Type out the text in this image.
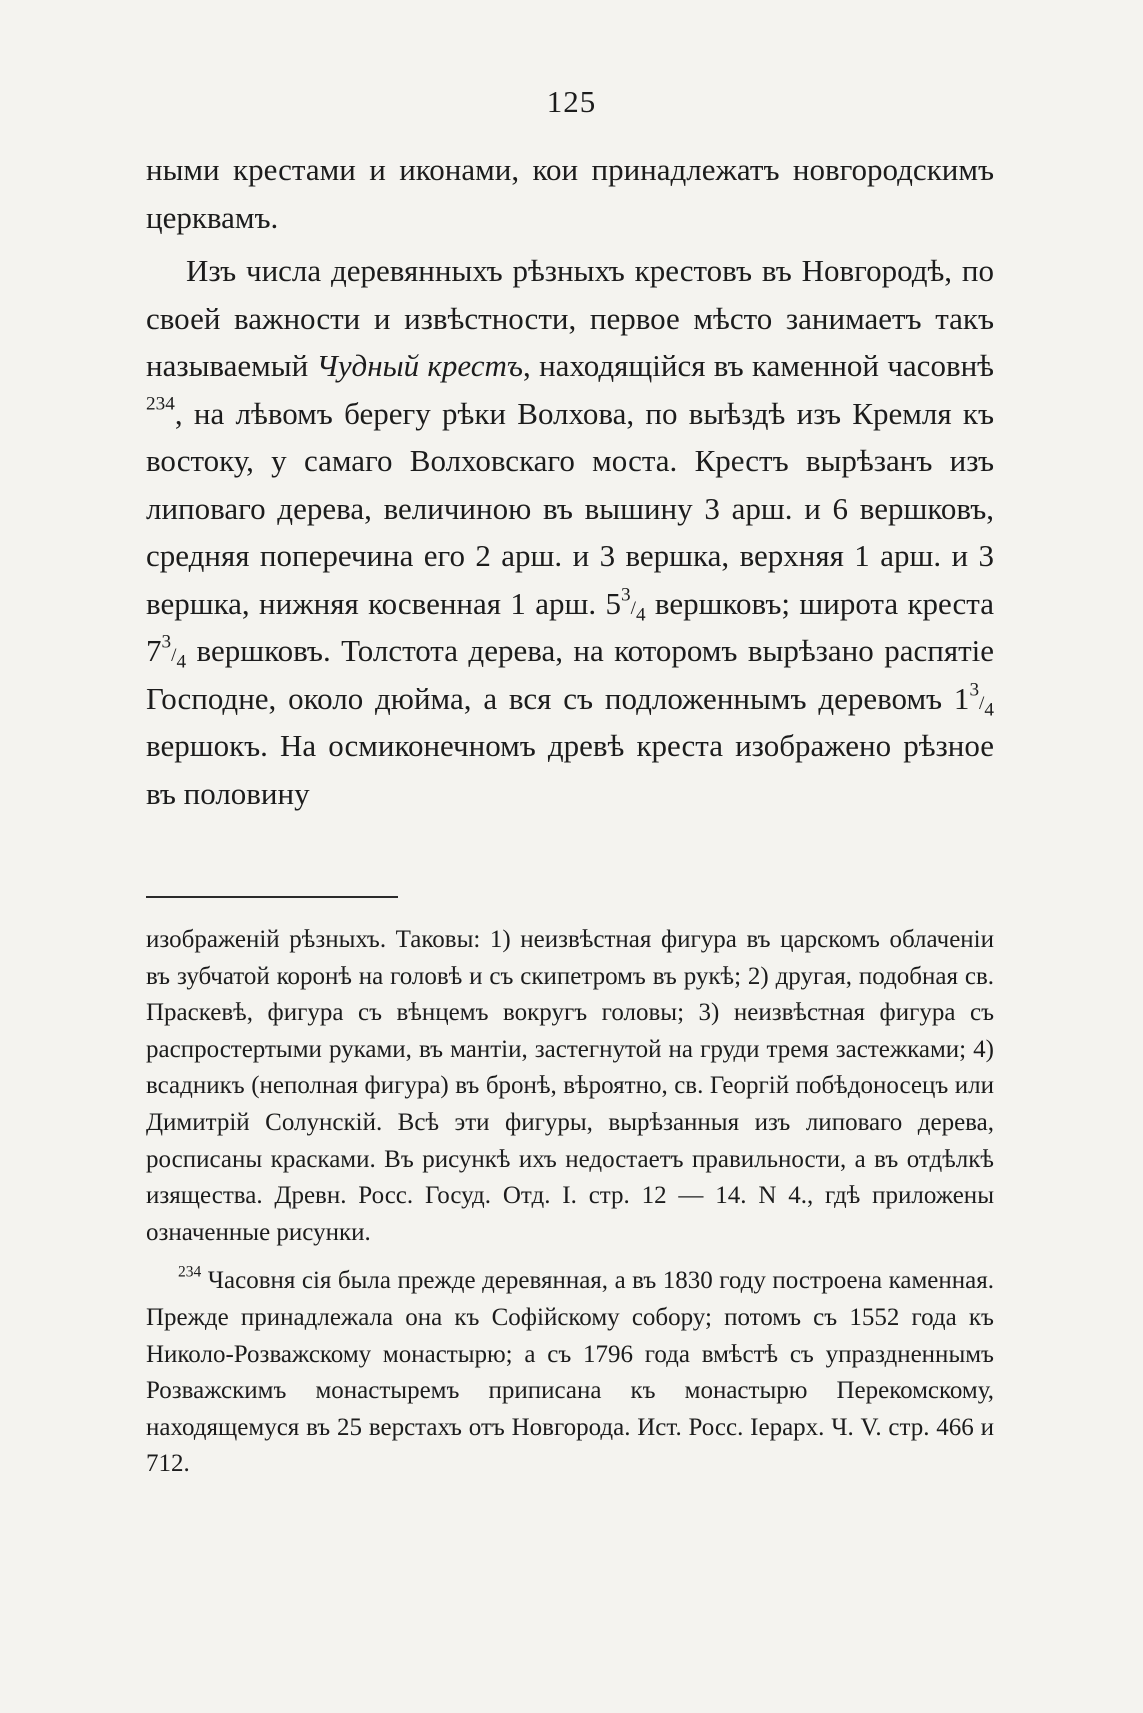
125

ными крестами и иконами, кои принадлежатъ новгородскимъ церквамъ.

Изъ числа деревянныхъ рѣзныхъ крестовъ въ Новгородѣ, по своей важности и извѣстности, первое мѣсто занимаетъ такъ называемый Чудный крестъ, находящійся въ каменной часовнѣ $^{234}$, на лѣвомъ берегу рѣки Волхова, по выѣздѣ изъ Кремля къ востоку, у самаго Волховскаго моста. Крестъ вырѣзанъ изъ липоваго дерева, величиною въ вышину 3 арш. и 6 вершковъ, средняя поперечина его 2 арш. и 3 вершка, верхняя 1 арш. и 3 вершка, нижняя косвенная 1 арш. 53/4 вершковъ; широта креста 73/4 вершковъ. Толстота дерева, на которомъ вырѣзано распятіе Господне, около дюйма, а вся съ подложеннымъ деревомъ 13/4 вершокъ. На осмиконечномъ древѣ креста изображено рѣзное въ половину

изображеній рѣзныхъ. Таковы: 1) неизвѣстная фигура въ царскомъ облаченіи въ зубчатой коронѣ на головѣ и съ скипетромъ въ рукѣ; 2) другая, подобная св. Праскевѣ, фигура съ вѣнцемъ вокругъ головы; 3) неизвѣстная фигура съ распростертыми руками, въ мантіи, застегнутой на груди тремя застежками; 4) всадникъ (неполная фигура) въ бронѣ, вѣроятно, св. Георгій побѣдоносецъ или Димитрій Солунскій. Всѣ эти фигуры, вырѣзанныя изъ липоваго дерева, росписаны красками. Въ рисункѣ ихъ недостаетъ правильности, а въ отдѣлкѣ изящества. Древн. Росс. Госуд. Отд. I. стр. 12 — 14. N 4., гдѣ приложены означенные рисунки.

$^{234}$ Часовня сія была прежде деревянная, а въ 1830 году построена каменная. Прежде принадлежала она къ Софійскому собору; потомъ съ 1552 года къ Николо-Розважскому монастырю; а съ 1796 года вмѣстѣ съ упраздненнымъ Розважскимъ монастыремъ приписана къ монастырю Перекомскому, находящемуся въ 25 верстахъ отъ Новгорода. Ист. Росс. Іерарх. Ч. V. стр. 466 и 712.
